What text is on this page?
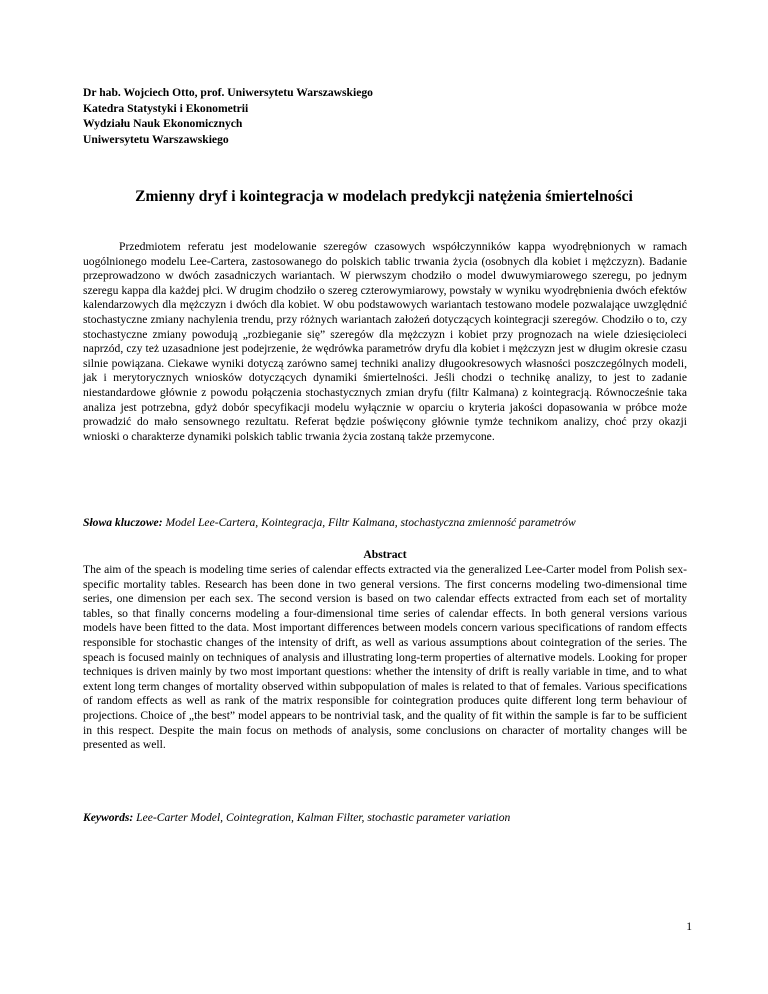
Dr hab. Wojciech Otto, prof. Uniwersytetu Warszawskiego
Katedra Statystyki i Ekonometrii
Wydziału Nauk Ekonomicznych
Uniwersytetu Warszawskiego
Zmienny dryf i kointegracja w modelach predykcji natężenia śmiertelności

Przedmiotem referatu jest modelowanie szeregów czasowych współczynników kappa wyodrębnionych w ramach uogólnionego modelu Lee-Cartera, zastosowanego do polskich tablic trwania życia (osobnych dla kobiet i mężczyzn). Badanie przeprowadzono w dwóch zasadniczych wariantach. W pierwszym chodziło o model dwuwymiarowego szeregu, po jednym szeregu kappa dla każdej płci. W drugim chodziło o szereg czterowymiarowy, powstały w wyniku wyodrębnienia dwóch efektów kalendarzowych dla mężczyzn i dwóch dla kobiet. W obu podstawowych wariantach testowano modele pozwalające uwzględnić stochastyczne zmiany nachylenia trendu, przy różnych wariantach założeń dotyczących kointegracji szeregów. Chodziło o to, czy stochastyczne zmiany powodują „rozbieganie się” szeregów dla mężczyzn i kobiet przy prognozach na wiele dziesięcioleci naprzód, czy też uzasadnione jest podejrzenie, że wędrówka parametrów dryfu dla kobiet i mężczyzn jest w długim okresie czasu silnie powiązana. Ciekawe wyniki dotyczą zarówno samej techniki analizy długookresowych własności poszczególnych modeli, jak i merytorycznych wniosków dotyczących dynamiki śmiertelności. Jeśli chodzi o technikę analizy, to jest to zadanie niestandardowe głównie z powodu połączenia stochastycznych zmian dryfu (filtr Kalmana) z kointegracją. Równocześnie taka analiza jest potrzebna, gdyż dobór specyfikacji modelu wyłącznie w oparciu o kryteria jakości dopasowania w próbce może prowadzić do mało sensownego rezultatu. Referat będzie poświęcony głównie tymże technikom analizy, choć przy okazji wnioski o charakterze dynamiki polskich tablic trwania życia zostaną także przemycone.

Słowa kluczowe: Model Lee-Cartera, Kointegracja, Filtr Kalmana, stochastyczna zmienność parametrów
Abstract

The aim of the speach is modeling time series of calendar effects extracted via the generalized Lee-Carter model from Polish sex-specific mortality tables. Research has been done in two general versions. The first concerns modeling two-dimensional time series, one dimension per each sex. The second version is based on two calendar effects extracted from each set of mortality tables, so that finally concerns modeling a four-dimensional time series of calendar effects. In both general versions various models have been fitted to the data. Most important differences between models concern various specifications of random effects responsible for stochastic changes of the intensity of drift, as well as various assumptions about cointegration of the series. The speach is focused mainly on techniques of analysis and illustrating long-term properties of alternative models. Looking for proper techniques is driven mainly by two most important questions: whether the intensity of drift is really variable in time, and to what extent long term changes of mortality observed within subpopulation of males is related to that of females. Various specifications of random effects as well as rank of the matrix responsible for cointegration produces quite different long term behaviour of projections. Choice of „the best” model appears to be nontrivial task, and the quality of fit within the sample is far to be sufficient in this respect. Despite the main focus on methods of analysis, some conclusions on character of mortality changes will be presented as well.

Keywords: Lee-Carter Model, Cointegration, Kalman Filter, stochastic parameter variation
1
